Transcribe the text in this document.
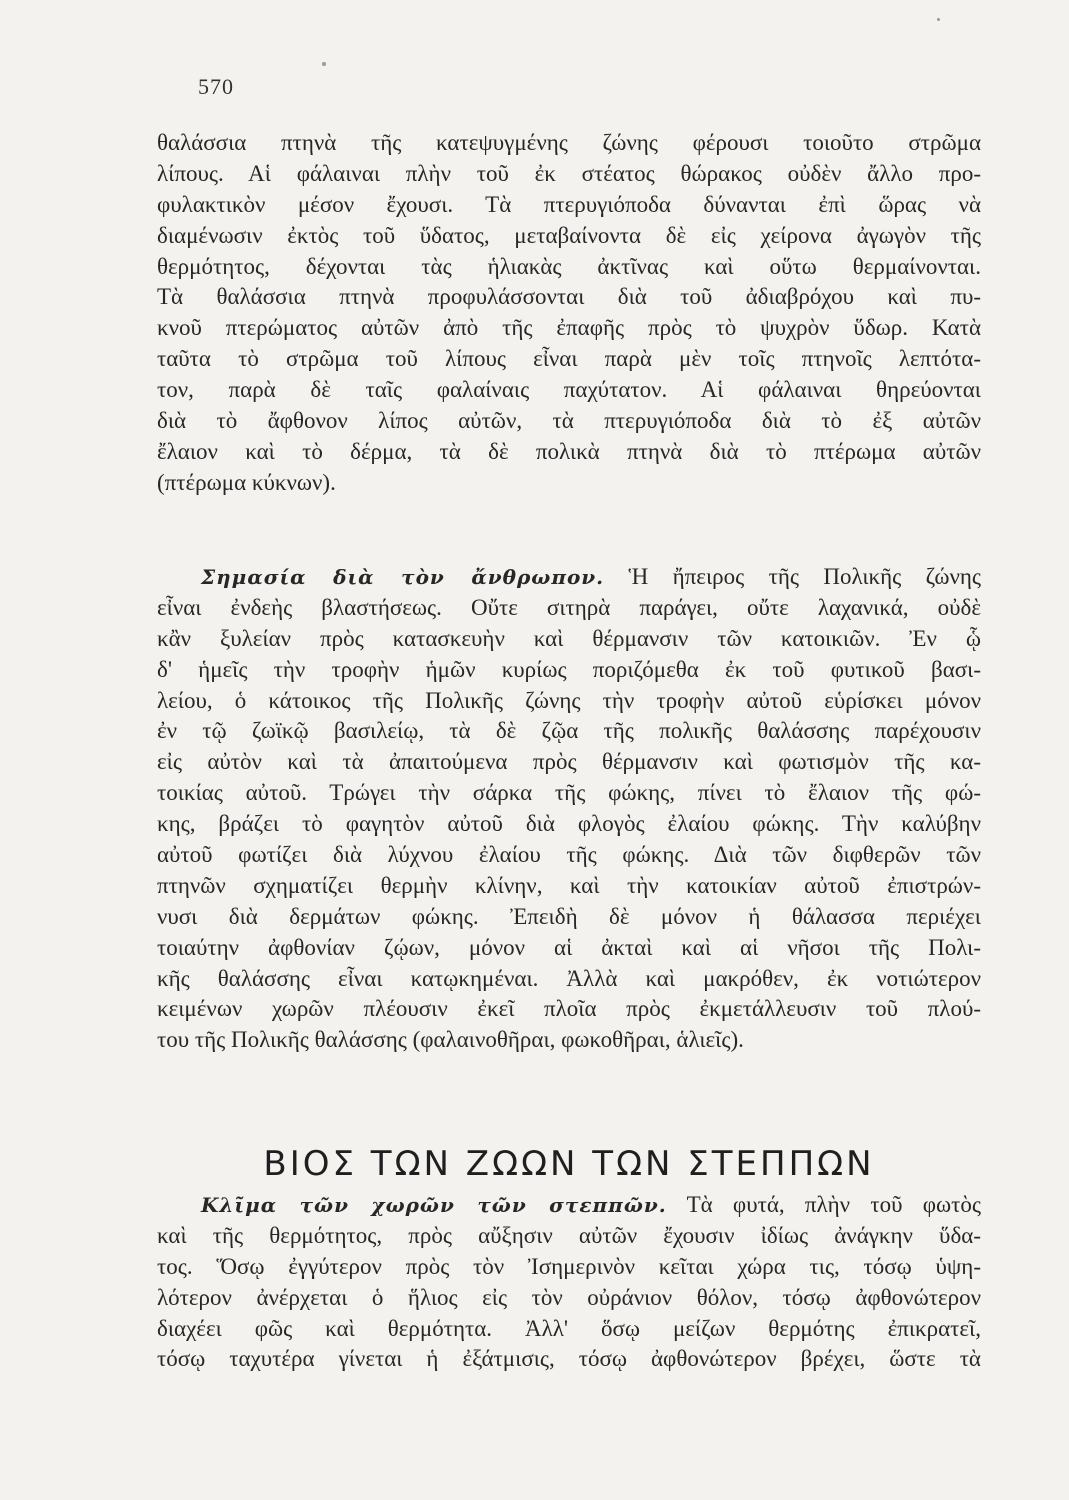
570
θαλάσσια πτηνὰ τῆς κατεψυγμένης ζώνης φέρουσι τοιοῦτο στρῶμα
λίπους. Αἱ φάλαιναι πλὴν τοῦ ἐκ στέατος θώρακος οὐδὲν ἄλλο προ-
φυλακτικὸν μέσον ἔχουσι. Τὰ πτερυγιόποδα δύνανται ἐπὶ ὥρας νὰ
διαμένωσιν ἐκτὸς τοῦ ὕδατος, μεταβαίνοντα δὲ εἰς χείρονα ἀγωγὸν τῆς
θερμότητος, δέχονται τὰς ἡλιακὰς ἀκτῖνας καὶ οὕτω θερμαίνονται.
Τὰ θαλάσσια πτηνὰ προφυλάσσονται διὰ τοῦ ἀδιαβρόχου καὶ πυ-
κνοῦ πτερώματος αὐτῶν ἀπὸ τῆς ἐπαφῆς πρὸς τὸ ψυχρὸν ὕδωρ. Κατὰ
ταῦτα τὸ στρῶμα τοῦ λίπους εἶναι παρὰ μὲν τοῖς πτηνοῖς λεπτότα-
τον, παρὰ δὲ ταῖς φαλαίναις παχύτατον. Αἱ φάλαιναι θηρεύονται
διὰ τὸ ἄφθονον λίπος αὐτῶν, τὰ πτερυγιόποδα διὰ τὸ ἐξ αὐτῶν
ἔλαιον καὶ τὸ δέρμα, τὰ δὲ πολικὰ πτηνὰ διὰ τὸ πτέρωμα αὐτῶν
(πτέρωμα κύκνων).
Σημασία διὰ τὸν ἄνθρωπον. Ἡ ἤπειρος τῆς Πολικῆς ζώνης
εἶναι ἐνδεὴς βλαστήσεως. Οὔτε σιτηρὰ παράγει, οὔτε λαχανικά, οὐδὲ
κἂν ξυλείαν πρὸς κατασκευὴν καὶ θέρμανσιν τῶν κατοικιῶν. Ἐν ᾧ
δ' ἡμεῖς τὴν τροφὴν ἡμῶν κυρίως ποριζόμεθα ἐκ τοῦ φυτικοῦ βασι-
λείου, ὁ κάτοικος τῆς Πολικῆς ζώνης τὴν τροφὴν αὐτοῦ εὑρίσκει μόνον
ἐν τῷ ζωϊκῷ βασιλείῳ, τὰ δὲ ζῷα τῆς πολικῆς θαλάσσης παρέχουσιν
εἰς αὐτὸν καὶ τὰ ἀπαιτούμενα πρὸς θέρμανσιν καὶ φωτισμὸν τῆς κα-
τοικίας αὐτοῦ. Τρώγει τὴν σάρκα τῆς φώκης, πίνει τὸ ἔλαιον τῆς φώ-
κης, βράζει τὸ φαγητὸν αὐτοῦ διὰ φλογὸς ἐλαίου φώκης. Τὴν καλύβην
αὐτοῦ φωτίζει διὰ λύχνου ἐλαίου τῆς φώκης. Διὰ τῶν διφθερῶν τῶν
πτηνῶν σχηματίζει θερμὴν κλίνην, καὶ τὴν κατοικίαν αὐτοῦ ἐπιστρών-
νυσι διὰ δερμάτων φώκης. Ἐπειδὴ δὲ μόνον ἡ θάλασσα περιέχει
τοιαύτην ἀφθονίαν ζῴων, μόνον αἱ ἀκταὶ καὶ αἱ νῆσοι τῆς Πολι-
κῆς θαλάσσης εἶναι κατῳκημέναι. Ἀλλὰ καὶ μακρόθεν, ἐκ νοτιώτερον
κειμένων χωρῶν πλέουσιν ἐκεῖ πλοῖα πρὸς ἐκμετάλλευσιν τοῦ πλού-
του τῆς Πολικῆς θαλάσσης (φαλαινοθῆραι, φωκοθῆραι, ἁλιεῖς).
ΒΙΟΣ ΤΩΝ ΖΩΩΝ ΤΩΝ ΣΤΕΠΠΩΝ
Κλῖμα τῶν χωρῶν τῶν στεππῶν. Τὰ φυτά, πλὴν τοῦ φωτὸς
καὶ τῆς θερμότητος, πρὸς αὔξησιν αὐτῶν ἔχουσιν ἰδίως ἀνάγκην ὕδα-
τος. Ὅσῳ ἐγγύτερον πρὸς τὸν Ἰσημερινὸν κεῖται χώρα τις, τόσῳ ὑψη-
λότερον ἀνέρχεται ὁ ἥλιος εἰς τὸν οὐράνιον θόλον, τόσῳ ἀφθονώτερον
διαχέει φῶς καὶ θερμότητα. Ἀλλ' ὅσῳ μείζων θερμότης ἐπικρατεῖ,
τόσῳ ταχυτέρα γίνεται ἡ ἐξάτμισις, τόσῳ ἀφθονώτερον βρέχει, ὥστε τὰ
